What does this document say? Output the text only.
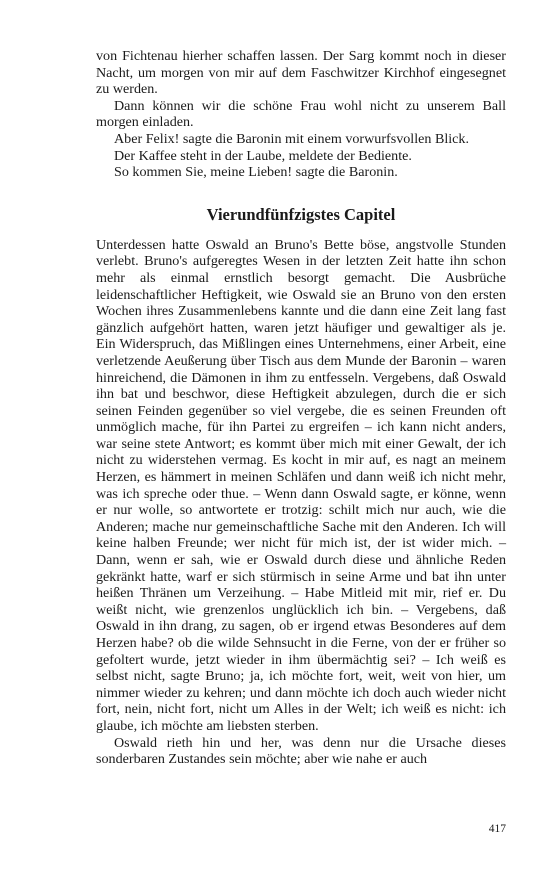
von Fichtenau hierher schaffen lassen. Der Sarg kommt noch in dieser Nacht, um morgen von mir auf dem Faschwitzer Kirchhof eingesegnet zu werden.

Dann können wir die schöne Frau wohl nicht zu unserem Ball morgen einladen.

Aber Felix! sagte die Baronin mit einem vorwurfsvollen Blick.

Der Kaffee steht in der Laube, meldete der Bediente.

So kommen Sie, meine Lieben! sagte die Baronin.

Vierundfünfzigstes Capitel

Unterdessen hatte Oswald an Bruno's Bette böse, angstvolle Stunden verlebt. Bruno's aufgeregtes Wesen in der letzten Zeit hatte ihn schon mehr als einmal ernstlich besorgt gemacht. Die Ausbrüche leidenschaftlicher Heftigkeit, wie Oswald sie an Bruno von den ersten Wochen ihres Zusammenlebens kannte und die dann eine Zeit lang fast gänzlich aufgehört hatten, waren jetzt häufiger und gewaltiger als je. Ein Widerspruch, das Mißlingen eines Unternehmens, einer Arbeit, eine verletzende Aeußerung über Tisch aus dem Munde der Baronin – waren hinreichend, die Dämonen in ihm zu entfesseln. Vergebens, daß Oswald ihn bat und beschwor, diese Heftigkeit abzulegen, durch die er sich seinen Feinden gegenüber so viel vergebe, die es seinen Freunden oft unmöglich mache, für ihn Partei zu ergreifen – ich kann nicht anders, war seine stete Antwort; es kommt über mich mit einer Gewalt, der ich nicht zu widerstehen vermag. Es kocht in mir auf, es nagt an meinem Herzen, es hämmert in meinen Schläfen und dann weiß ich nicht mehr, was ich spreche oder thue. – Wenn dann Oswald sagte, er könne, wenn er nur wolle, so antwortete er trotzig: schilt mich nur auch, wie die Anderen; mache nur gemeinschaftliche Sache mit den Anderen. Ich will keine halben Freunde; wer nicht für mich ist, der ist wider mich. – Dann, wenn er sah, wie er Oswald durch diese und ähnliche Reden gekränkt hatte, warf er sich stürmisch in seine Arme und bat ihn unter heißen Thränen um Verzeihung. – Habe Mitleid mit mir, rief er. Du weißt nicht, wie grenzenlos unglücklich ich bin. – Vergebens, daß Oswald in ihn drang, zu sagen, ob er irgend etwas Besonderes auf dem Herzen habe? ob die wilde Sehnsucht in die Ferne, von der er früher so gefoltert wurde, jetzt wieder in ihm übermächtig sei? – Ich weiß es selbst nicht, sagte Bruno; ja, ich möchte fort, weit, weit von hier, um nimmer wieder zu kehren; und dann möchte ich doch auch wieder nicht fort, nein, nicht fort, nicht um Alles in der Welt; ich weiß es nicht: ich glaube, ich möchte am liebsten sterben.

Oswald rieth hin und her, was denn nur die Ursache dieses sonderbaren Zustandes sein möchte; aber wie nahe er auch

417
